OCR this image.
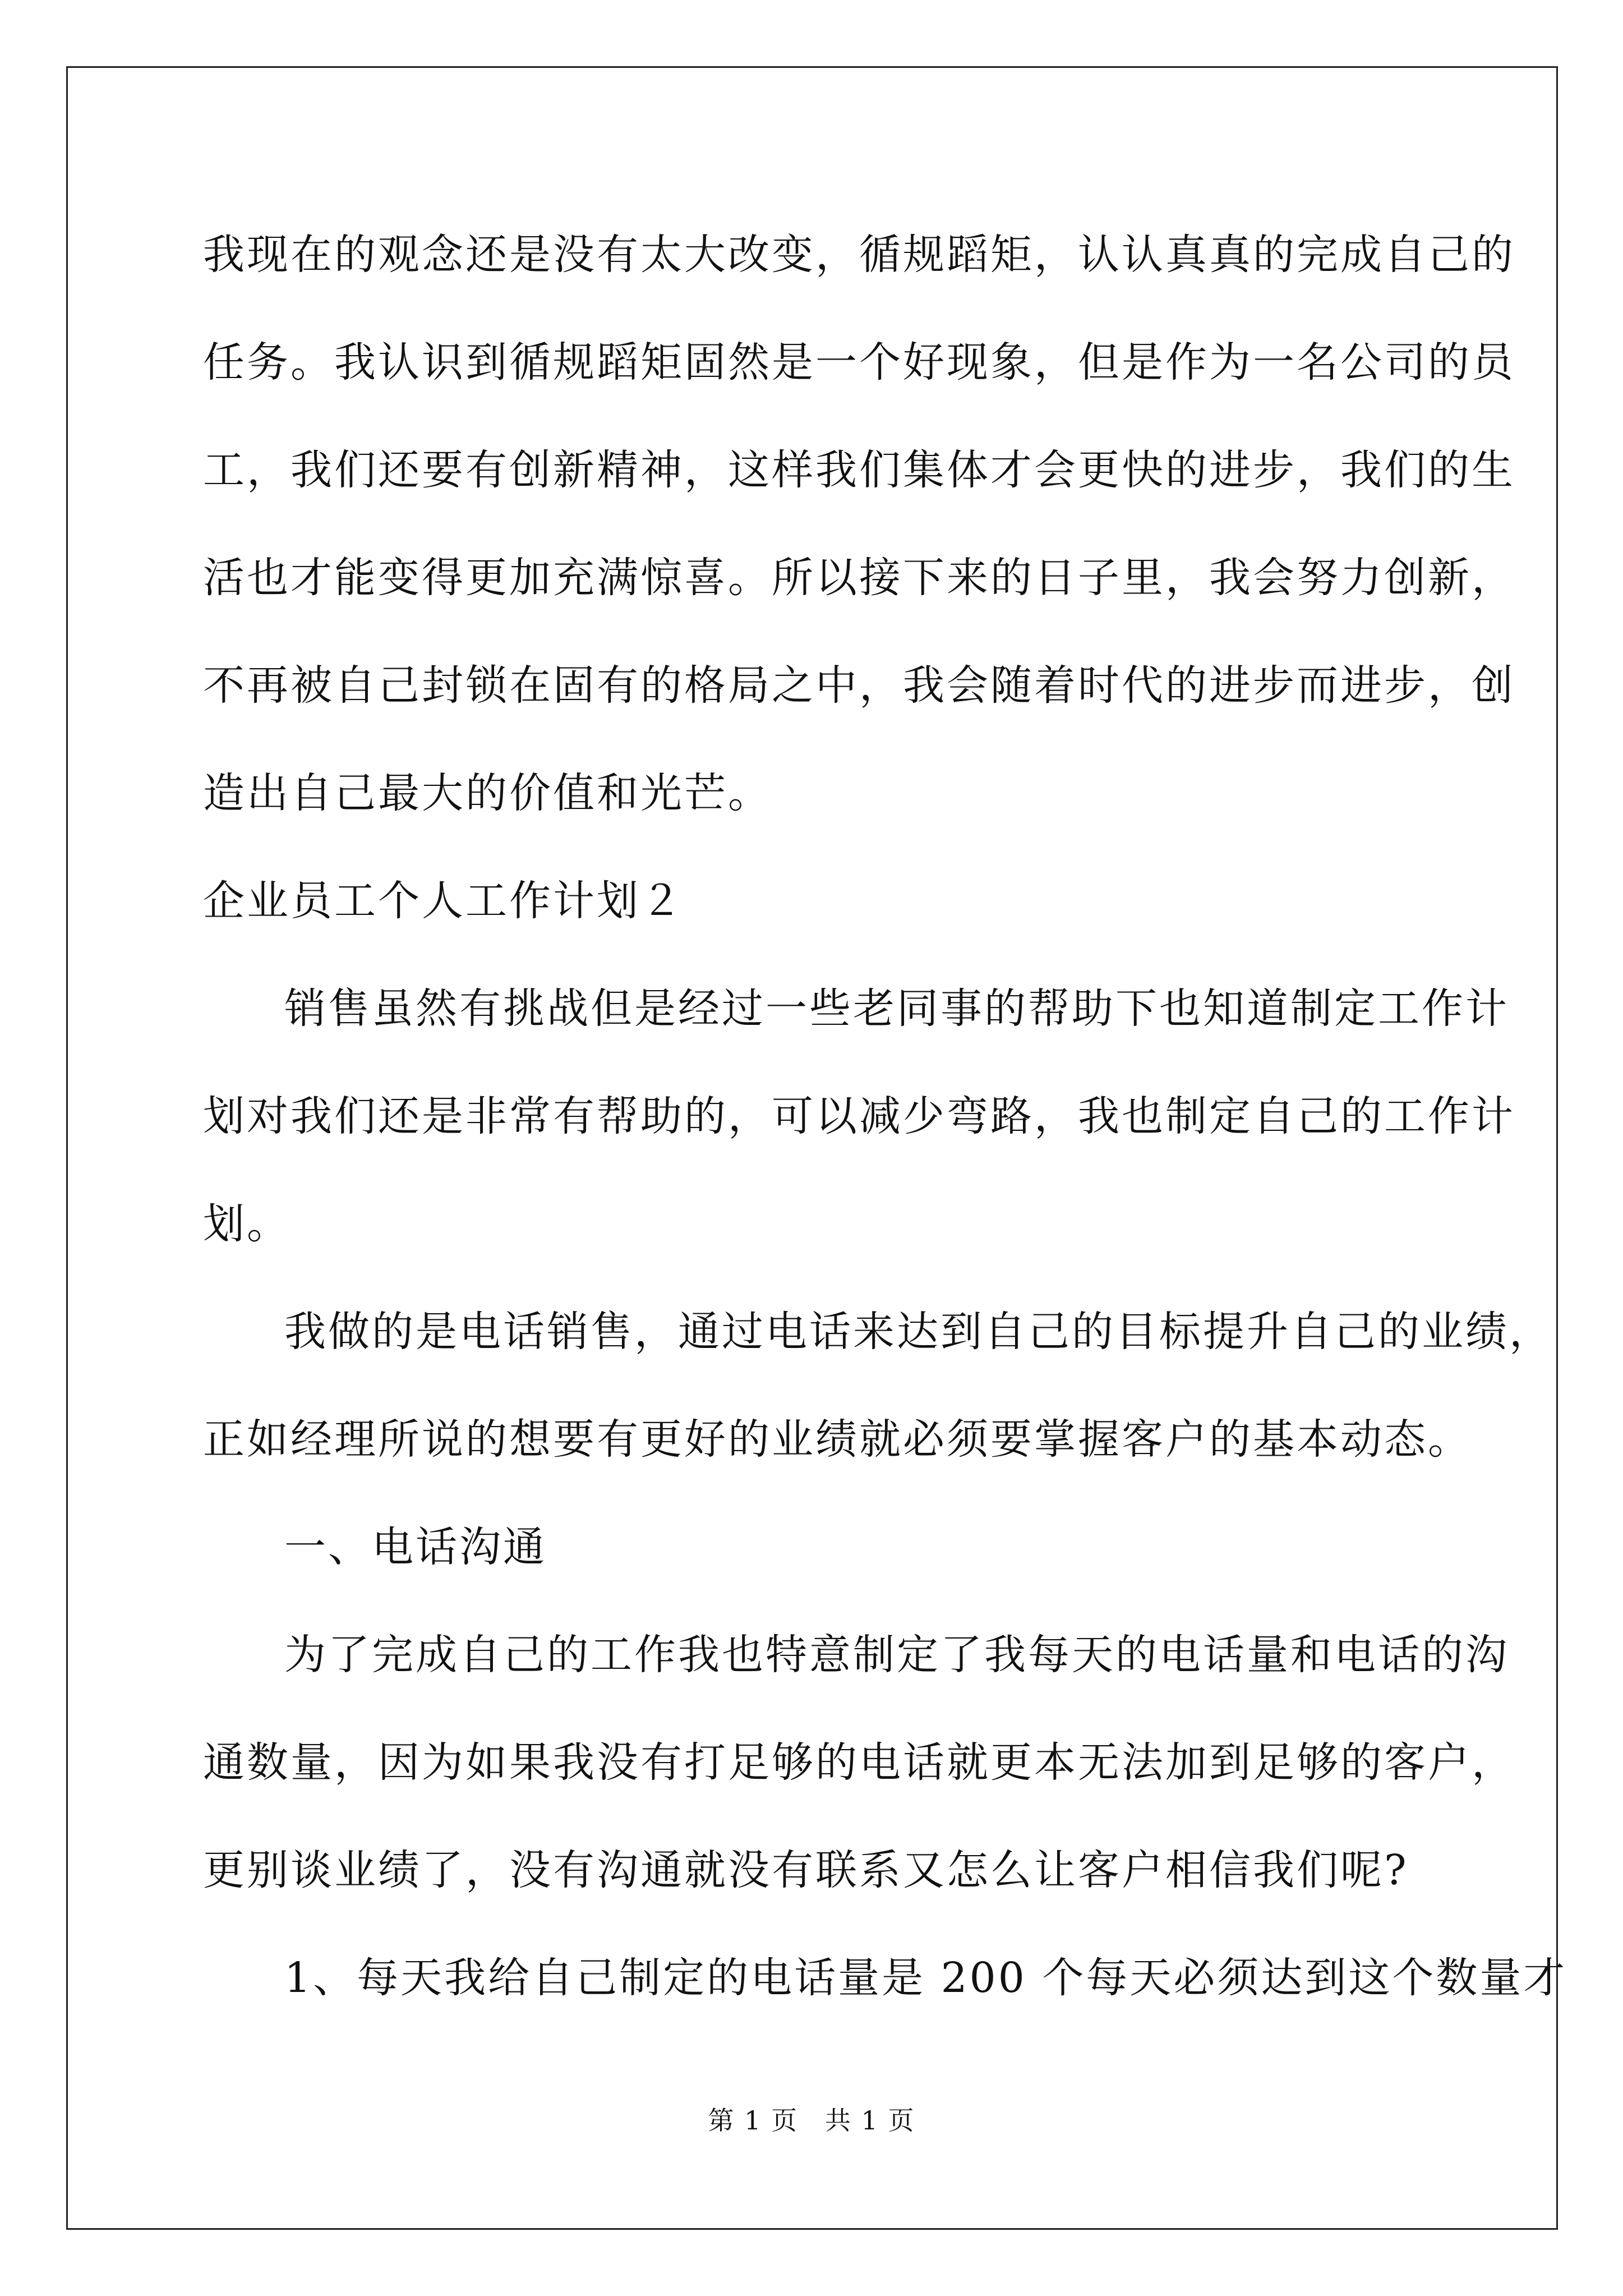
我现在的观念还是没有太大改变，循规蹈矩，认认真真的完成自己的
任务。我认识到循规蹈矩固然是一个好现象，但是作为一名公司的员
工，我们还要有创新精神，这样我们集体才会更快的进步，我们的生
活也才能变得更加充满惊喜。所以接下来的日子里，我会努力创新，
不再被自己封锁在固有的格局之中，我会随着时代的进步而进步，创
造出自己最大的价值和光芒。
企业员工个人工作计划２
销售虽然有挑战但是经过一些老同事的帮助下也知道制定工作计
划对我们还是非常有帮助的，可以减少弯路，我也制定自己的工作计
划。
我做的是电话销售，通过电话来达到自己的目标提升自己的业绩，
正如经理所说的想要有更好的业绩就必须要掌握客户的基本动态。
一、电话沟通
为了完成自己的工作我也特意制定了我每天的电话量和电话的沟
通数量，因为如果我没有打足够的电话就更本无法加到足够的客户，
更别谈业绩了，没有沟通就没有联系又怎么让客户相信我们呢?
1、每天我给自己制定的电话量是 200 个每天必须达到这个数量才
第 1 页　共 1 页
